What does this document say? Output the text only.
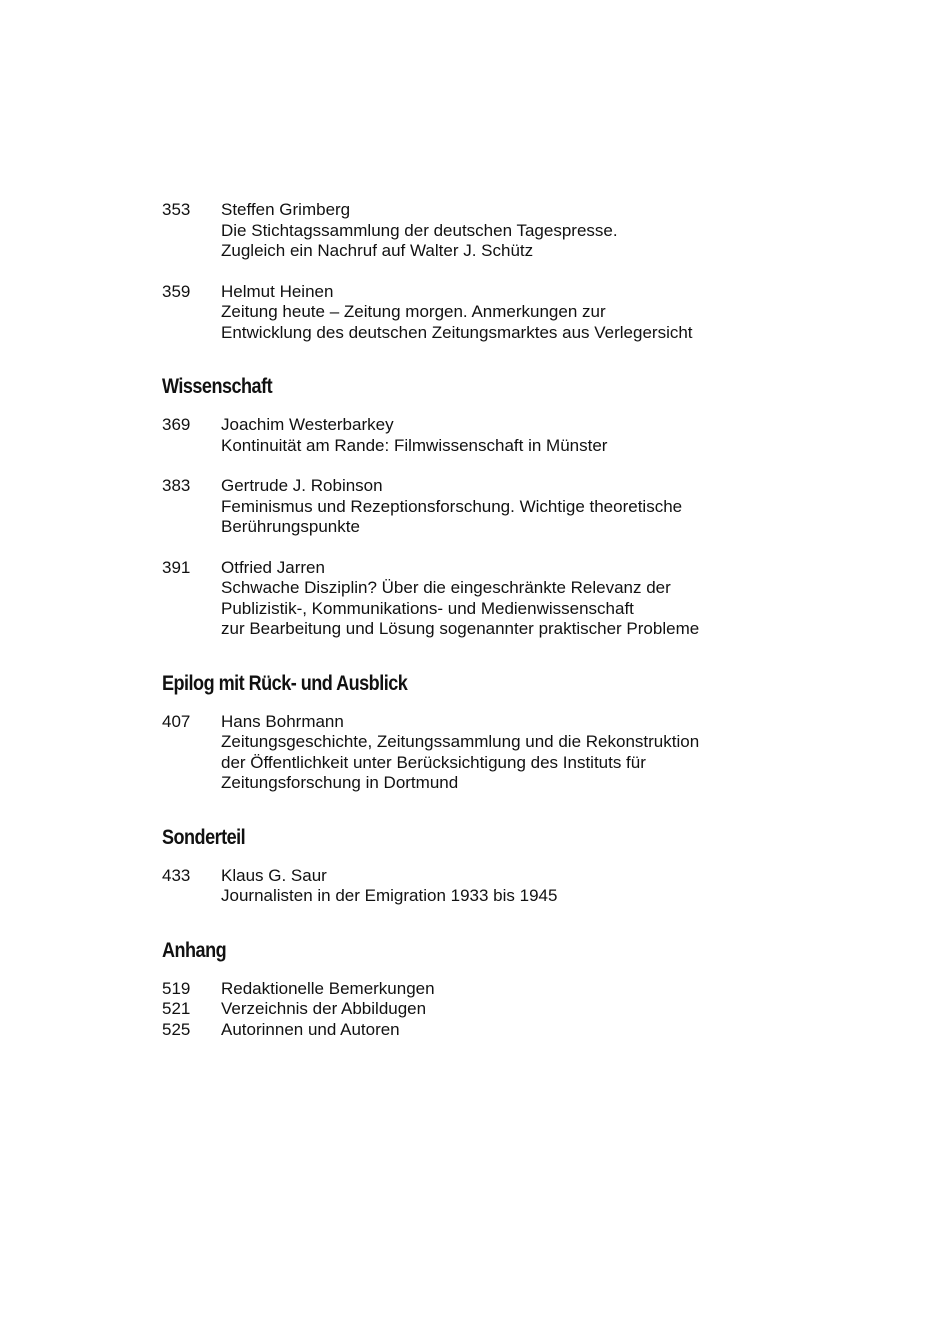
353	Steffen Grimberg
Die Stichtagssammlung der deutschen Tagespresse.
Zugleich ein Nachruf auf Walter J. Schütz
359	Helmut Heinen
Zeitung heute – Zeitung morgen. Anmerkungen zur
Entwicklung des deutschen Zeitungsmarktes aus Verlegersicht
Wissenschaft
369	Joachim Westerbarkey
Kontinuität am Rande: Filmwissenschaft in Münster
383	Gertrude J. Robinson
Feminismus und Rezeptionsforschung. Wichtige theoretische
Berührungspunkte
391	Otfried Jarren
Schwache Disziplin? Über die eingeschränkte Relevanz der
Publizistik-, Kommunikations- und Medienwissenschaft
zur Bearbeitung und Lösung sogenannter praktischer Probleme
Epilog mit Rück- und Ausblick
407	Hans Bohrmann
Zeitungsgeschichte, Zeitungssammlung und die Rekonstruktion
der Öffentlichkeit unter Berücksichtigung des Instituts für
Zeitungsforschung in Dortmund
Sonderteil
433	Klaus G. Saur
Journalisten in der Emigration 1933 bis 1945
Anhang
519	Redaktionelle Bemerkungen
521	Verzeichnis der Abbildugen
525	Autorinnen und Autoren
